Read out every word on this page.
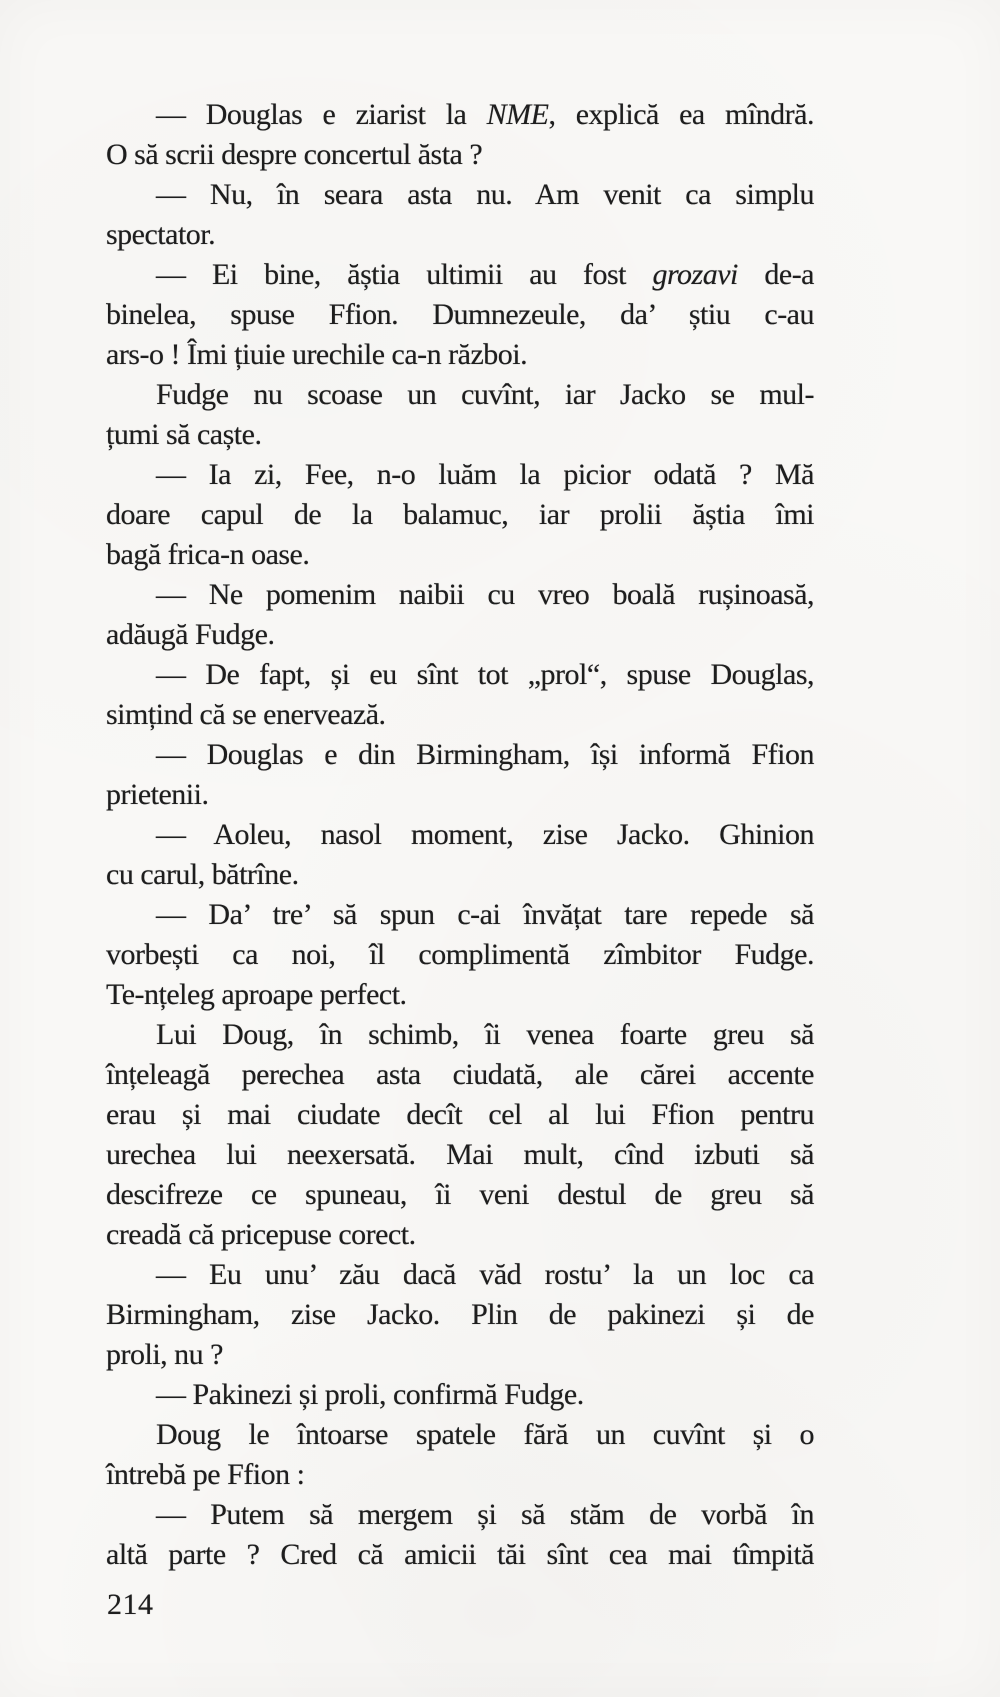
— Douglas e ziarist la NME, explică ea mîndră.
O să scrii despre concertul ăsta ?
— Nu, în seara asta nu. Am venit ca simplu
spectator.
— Ei bine, ăștia ultimii au fost grozavi de-a
binelea, spuse Ffion. Dumnezeule, da’ știu c-au
ars-o ! Îmi țiuie urechile ca-n război.
Fudge nu scoase un cuvînt, iar Jacko se mul-
țumi să caște.
— Ia zi, Fee, n-o luăm la picior odată ? Mă
doare capul de la balamuc, iar prolii ăștia îmi
bagă frica-n oase.
— Ne pomenim naibii cu vreo boală rușinoasă,
adăugă Fudge.
— De fapt, și eu sînt tot „prol“, spuse Douglas,
simțind că se enervează.
— Douglas e din Birmingham, își informă Ffion
prietenii.
— Aoleu, nasol moment, zise Jacko. Ghinion
cu carul, bătrîne.
— Da’ tre’ să spun c-ai învățat tare repede să
vorbești ca noi, îl complimentă zîmbitor Fudge.
Te-nțeleg aproape perfect.
Lui Doug, în schimb, îi venea foarte greu să
înțeleagă perechea asta ciudată, ale cărei accente
erau și mai ciudate decît cel al lui Ffion pentru
urechea lui neexersată. Mai mult, cînd izbuti să
descifreze ce spuneau, îi veni destul de greu să
creadă că pricepuse corect.
— Eu unu’ zău dacă văd rostu’ la un loc ca
Birmingham, zise Jacko. Plin de pakinezi și de
proli, nu ?
— Pakinezi și proli, confirmă Fudge.
Doug le întoarse spatele fără un cuvînt și o
întrebă pe Ffion :
— Putem să mergem și să stăm de vorbă în
altă parte ? Cred că amicii tăi sînt cea mai tîmpită
214
